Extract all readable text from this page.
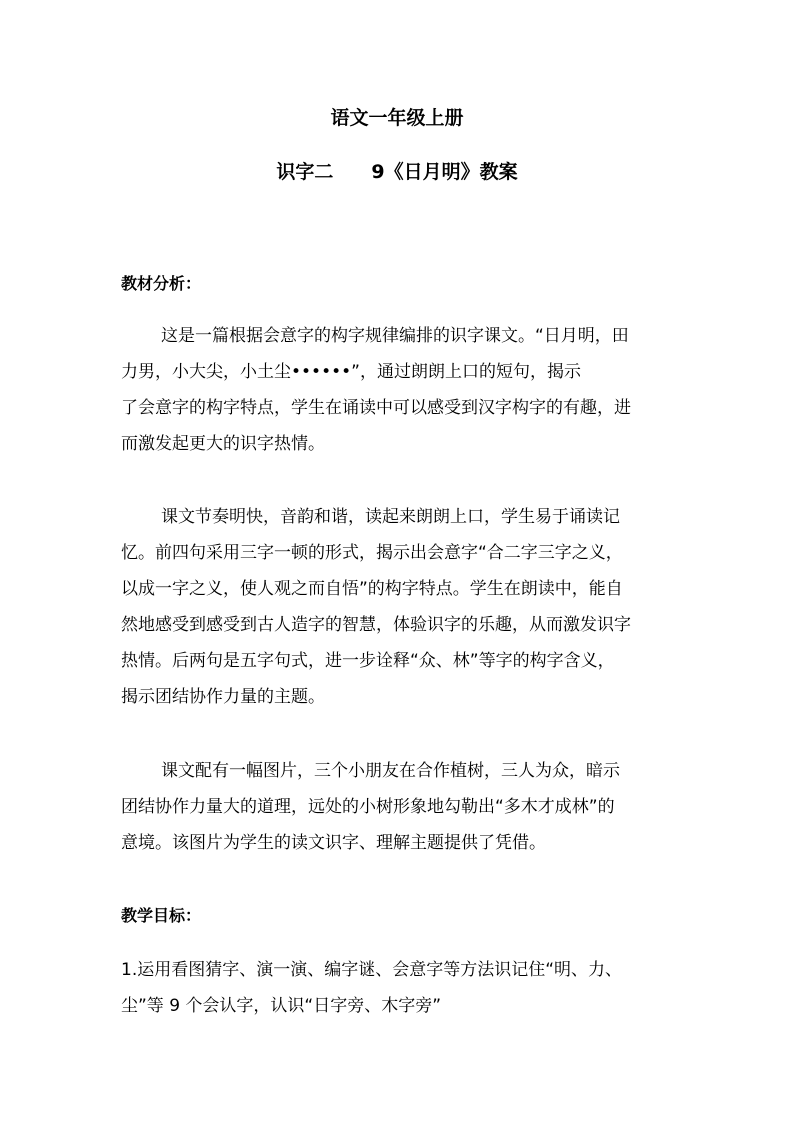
语文一年级上册
识字二 9《日月明》教案
教材分析：

这是一篇根据会意字的构字规律编排的识字课文。“日月明，田
力男，小大尖，小土尘••••••”，通过朗朗上口的短句，揭示
了会意字的构字特点，学生在诵读中可以感受到汉字构字的有趣，进
而激发起更大的识字热情。

课文节奏明快，音韵和谐，读起来朗朗上口，学生易于诵读记
忆。前四句采用三字一顿的形式，揭示出会意字“合二字三字之义，
以成一字之义，使人观之而自悟”的构字特点。学生在朗读中，能自
然地感受到感受到古人造字的智慧，体验识字的乐趣，从而激发识字
热情。后两句是五字句式，进一步诠释“众、林”等字的构字含义，
揭示团结协作力量的主题。

课文配有一幅图片，三个小朋友在合作植树，三人为众，暗示
团结协作力量大的道理，远处的小树形象地勾勒出“多木才成林”的
意境。该图片为学生的读文识字、理解主题提供了凭借。

教学目标：

1.运用看图猜字、演一演、编字谜、会意字等方法识记住“明、力、
尘”等 9 个会认字，认识“日字旁、木字旁”
